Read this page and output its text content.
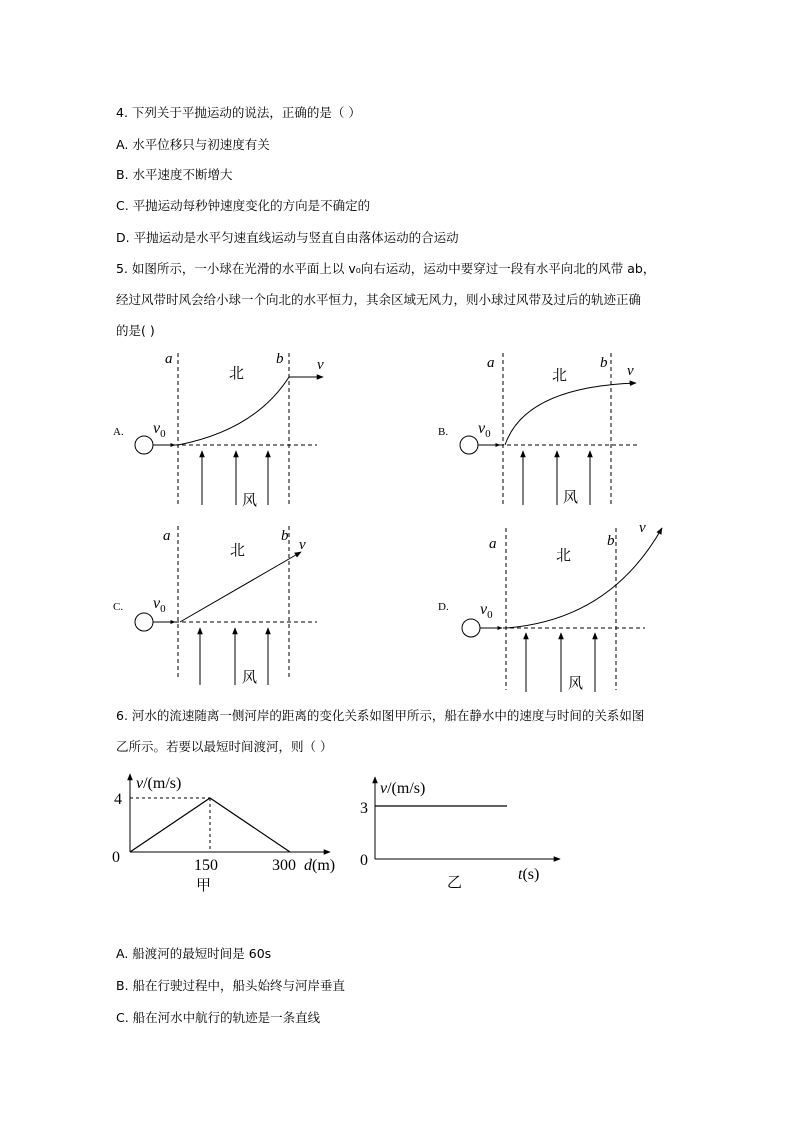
4. 下列关于平抛运动的说法，正确的是（ ）
A. 水平位移只与初速度有关
B. 水平速度不断增大
C. 平抛运动每秒钟速度变化的方向是不确定的
D. 平抛运动是水平匀速直线运动与竖直自由落体运动的合运动
5. 如图所示，一小球在光滑的水平面上以 v₀向右运动，运动中要穿过一段有水平向北的风带 ab，
经过风带时风会给小球一个向北的水平恒力，其余区域无风力，则小球过风带及过后的轨迹正确
的是( )
A. $v_0$
v
a	b
北
风
B. $v_0$
v
a	b
北
风
C. $v_0$
v
a	b
北
风
D. $v_0$
v
a	b
北
风
6. 河水的流速随离一侧河岸的距离的变化关系如图甲所示，船在静水中的速度与时间的关系如图
乙所示。若要以最短时间渡河，则（ ）
v/(m/s)
4
0	150	300 d(m)
甲
v/(m/s)
3
0
t(s)
乙
A. 船渡河的最短时间是 60s
B. 船在行驶过程中，船头始终与河岸垂直
C. 船在河水中航行的轨迹是一条直线
